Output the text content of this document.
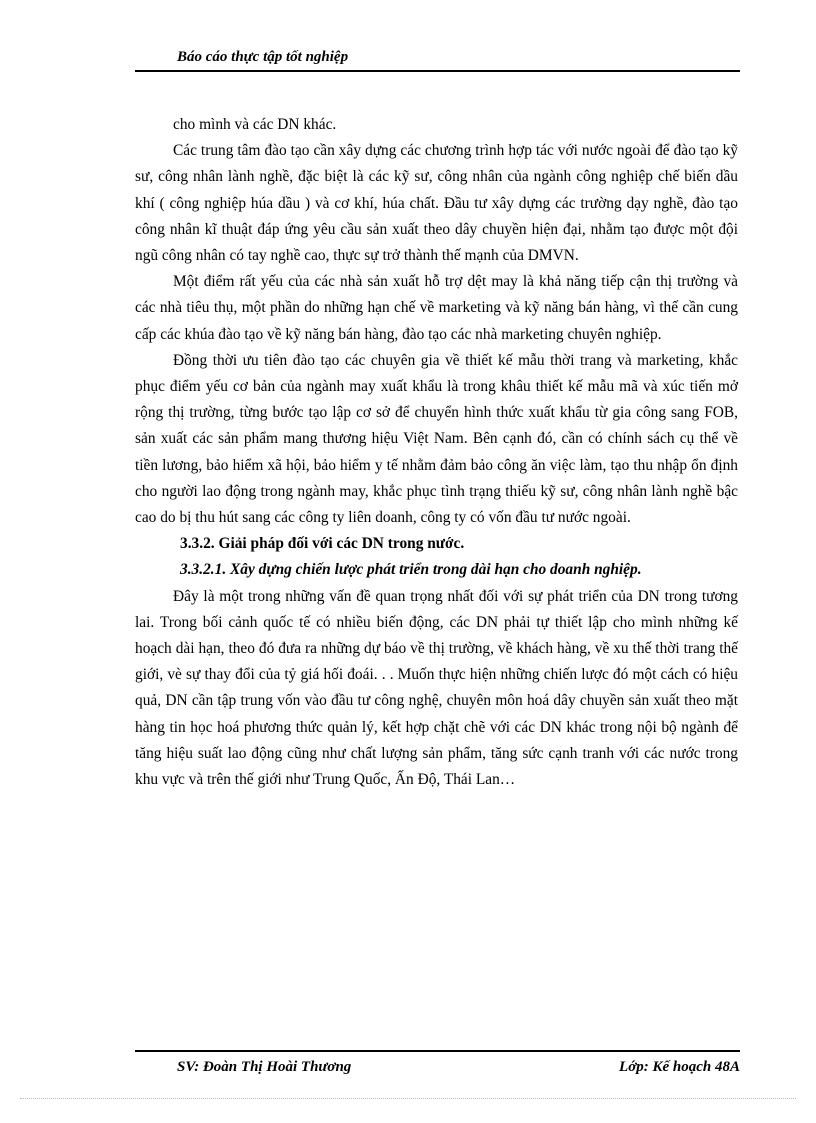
Báo cáo thực tập tốt nghiệp

cho mình và các DN khác.

Các trung tâm đào tạo cần xây dựng các chương trình hợp tác với nước ngoài để đào tạo kỹ sư, công nhân lành nghề, đặc biệt là các kỹ sư, công nhân của ngành công nghiệp chế biến dầu khí ( công nghiệp húa dầu ) và cơ khí, húa chất. Đầu tư xây dựng các trường dạy nghề, đào tạo công nhân kĩ thuật đáp ứng yêu cầu sản xuất theo dây chuyền hiện đại, nhằm tạo được một đội ngũ công nhân có tay nghề cao, thực sự trở thành thế mạnh của DMVN.

Một điểm rất yếu của các nhà sản xuất hỗ trợ dệt may là khả năng tiếp cận thị trường và các nhà tiêu thụ, một phần do những hạn chế về marketing và kỹ năng bán hàng, vì thế cần cung cấp các khúa đào tạo về kỹ năng bán hàng, đào tạo các nhà marketing chuyên nghiệp.

Đồng thời ưu tiên đào tạo các chuyên gia về thiết kế mẫu thời trang và marketing, khắc phục điểm yếu cơ bản của ngành may xuất khẩu là trong khâu thiết kế mẫu mã và xúc tiến mở rộng thị trường, từng bước tạo lập cơ sở để chuyển hình thức xuất khẩu từ gia công sang FOB, sản xuất các sản phẩm mang thương hiệu Việt Nam. Bên cạnh đó, cần có chính sách cụ thể về tiền lương, bảo hiểm xã hội, bảo hiểm y tế nhằm đảm bảo công ăn việc làm, tạo thu nhập ổn định cho người lao động trong ngành may, khắc phục tình trạng thiếu kỹ sư, công nhân lành nghề bậc cao do bị thu hút sang các công ty liên doanh, công ty có vốn đầu tư nước ngoài.

3.3.2. Giải pháp đối với các DN trong nước.

3.3.2.1. Xây dựng chiến lược phát triển trong dài hạn cho doanh nghiệp.

Đây là một trong những vấn đề quan trọng nhất đối với sự phát triển của DN trong tương lai. Trong bối cảnh quốc tế có nhiều biến động, các DN phải tự thiết lập cho mình những kế hoạch dài hạn, theo đó đưa ra những dự báo về thị trường, về khách hàng, về xu thế thời trang thế giới, vè sự thay đổi của tỷ giá hối đoái. . . Muốn thực hiện những chiến lược đó một cách có hiệu quả, DN cần tập trung vốn vào đầu tư công nghệ, chuyên môn hoá dây chuyền sản xuất theo mặt hàng tin học hoá phương thức quản lý, kết hợp chặt chẽ với các DN khác trong nội bộ ngành để tăng hiệu suất lao động cũng như chất lượng sản phẩm, tăng sức cạnh tranh với các nước trong khu vực và trên thế giới như Trung Quốc, Ấn Độ, Thái Lan…

SV: Đoàn Thị Hoài Thương	Lớp: Kế hoạch 48A
